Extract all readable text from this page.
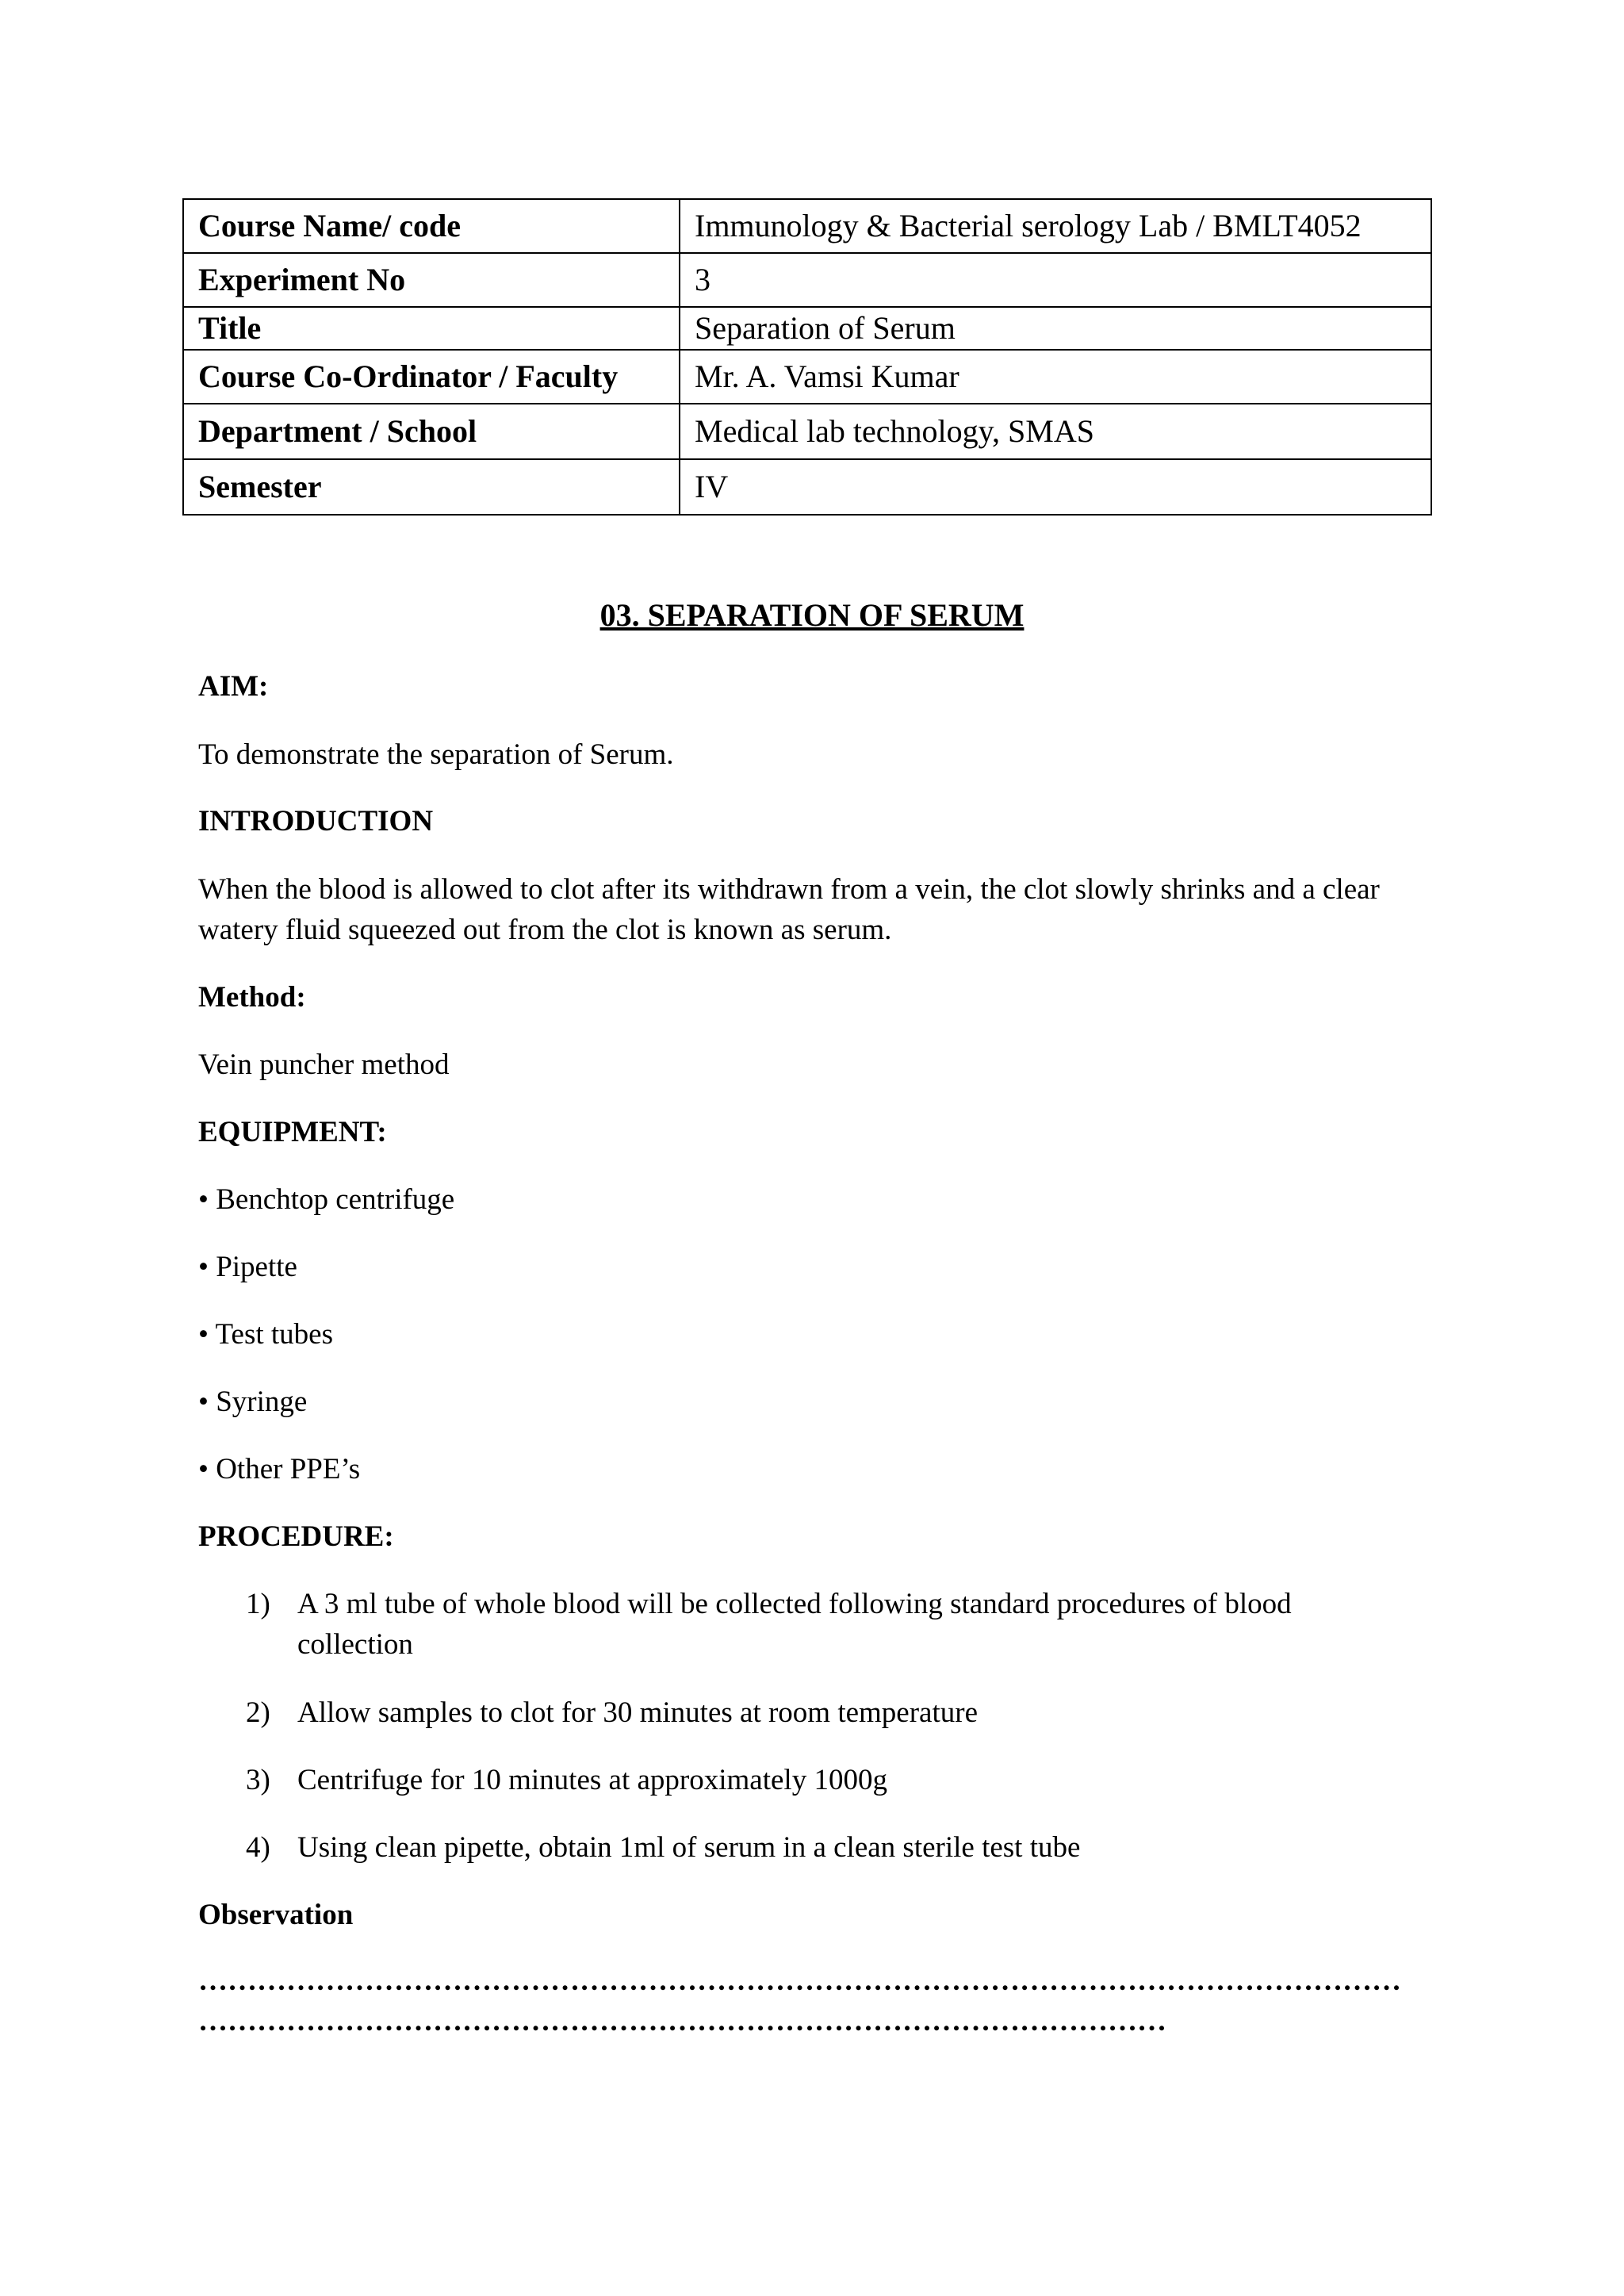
Course Name/ code	Immunology & Bacterial serology Lab / BMLT4052
Experiment No	3
Title	Separation of Serum
Course Co-Ordinator / Faculty	Mr. A. Vamsi Kumar
Department / School	Medical lab technology, SMAS
Semester	IV
03. SEPARATION OF SERUM

AIM:

To demonstrate the separation of Serum.

INTRODUCTION

When the blood is allowed to clot after its withdrawn from a vein, the clot slowly shrinks and a clear

watery fluid squeezed out from the clot is known as serum.

Method:

Vein puncher method

EQUIPMENT:

• Benchtop centrifuge

• Pipette

• Test tubes

• Syringe

• Other PPE’s

PROCEDURE:

1) A 3 ml tube of whole blood will be collected following standard procedures of blood collection
2) Allow samples to clot for 30 minutes at room temperature
3) Centrifuge for 10 minutes at approximately 1000g
4) Using clean pipette, obtain 1ml of serum in a clean sterile test tube

Observation

……………………………………………………………………………………………………………

………………………………………………………………………………………
